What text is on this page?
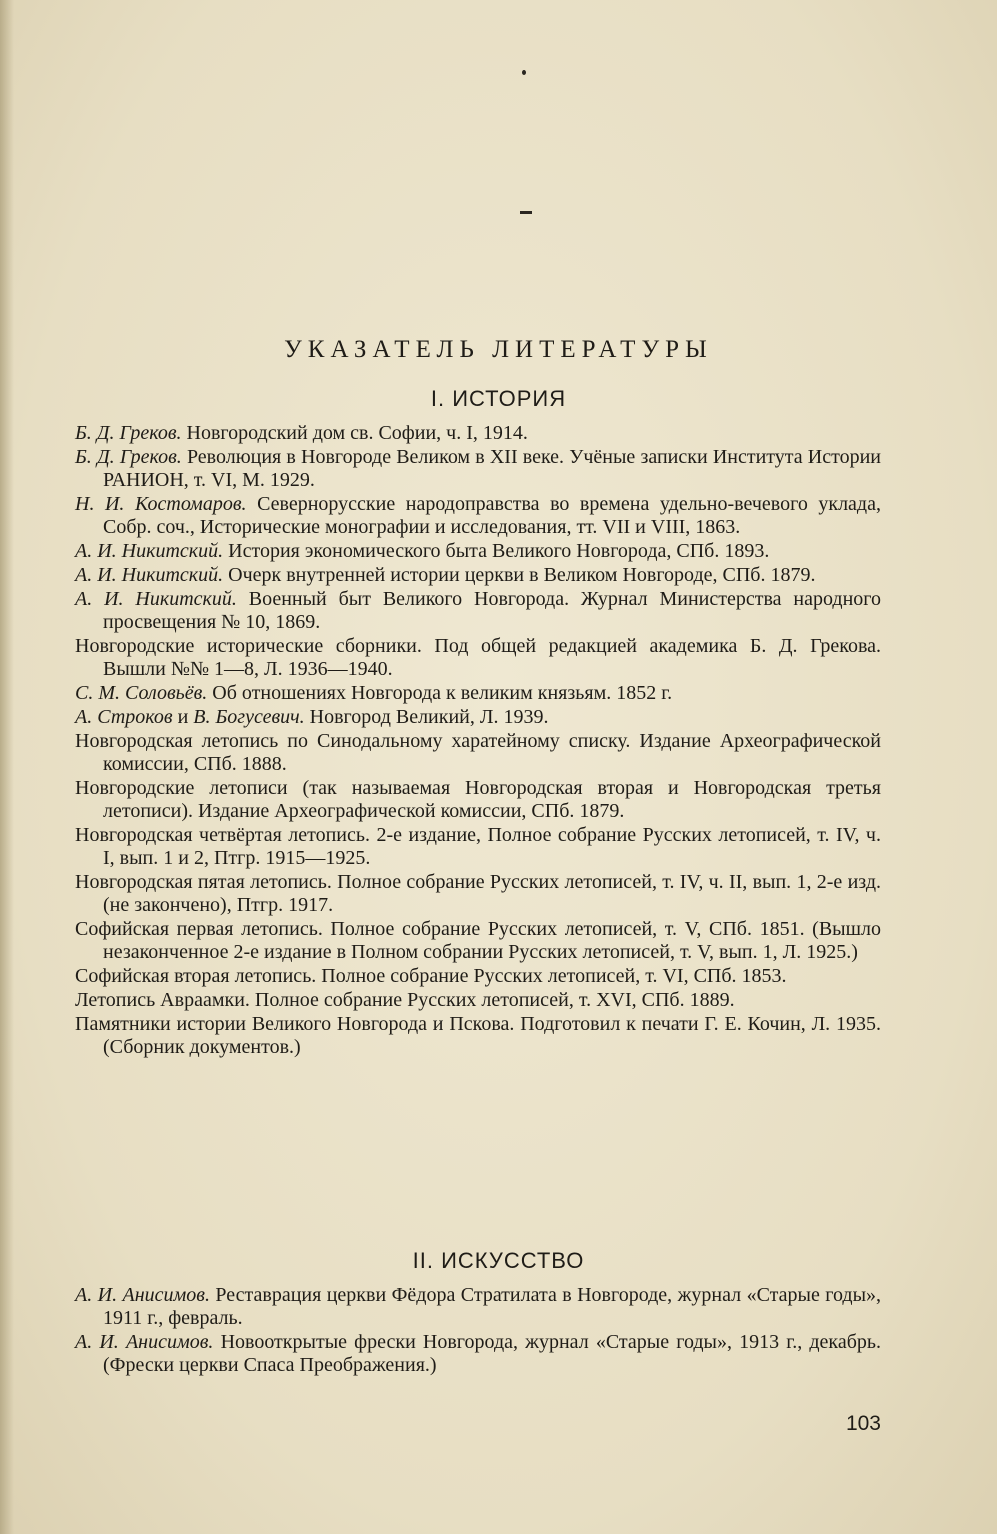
УКАЗАТЕЛЬ ЛИТЕРАТУРЫ
I. ИСТОРИЯ
Б. Д. Греков. Новгородский дом св. Софии, ч. I, 1914.
Б. Д. Греков. Революция в Новгороде Великом в XII веке. Учёные записки Института Истории РАНИОН, т. VI, М. 1929.
Н. И. Костомаров. Севернорусские народоправства во времена удельно-вечевого уклада, Собр. соч., Исторические монографии и исследования, тт. VII и VIII, 1863.
А. И. Никитский. История экономического быта Великого Новгорода, СПб. 1893.
А. И. Никитский. Очерк внутренней истории церкви в Великом Новгороде, СПб. 1879.
А. И. Никитский. Военный быт Великого Новгорода. Журнал Министерства народного просвещения № 10, 1869.
Новгородские исторические сборники. Под общей редакцией академика Б. Д. Грекова. Вышли №№ 1—8, Л. 1936—1940.
С. М. Соловьёв. Об отношениях Новгорода к великим князьям. 1852 г.
А. Строков и В. Богусевич. Новгород Великий, Л. 1939.
Новгородская летопись по Синодальному харатейному списку. Издание Археографической комиссии, СПб. 1888.
Новгородские летописи (так называемая Новгородская вторая и Новгородская третья летописи). Издание Археографической комиссии, СПб. 1879.
Новгородская четвёртая летопись. 2-е издание, Полное собрание Русских летописей, т. IV, ч. I, вып. 1 и 2, Птгр. 1915—1925.
Новгородская пятая летопись. Полное собрание Русских летописей, т. IV, ч. II, вып. 1, 2-е изд. (не закончено), Птгр. 1917.
Софийская первая летопись. Полное собрание Русских летописей, т. V, СПб. 1851. (Вышло незаконченное 2-е издание в Полном собрании Русских летописей, т. V, вып. 1, Л. 1925.)
Софийская вторая летопись. Полное собрание Русских летописей, т. VI, СПб. 1853.
Летопись Авраамки. Полное собрание Русских летописей, т. XVI, СПб. 1889.
Памятники истории Великого Новгорода и Пскова. Подготовил к печати Г. Е. Кочин, Л. 1935. (Сборник документов.)
II. ИСКУССТВО
А. И. Анисимов. Реставрация церкви Фёдора Стратилата в Новгороде, журнал «Старые годы», 1911 г., февраль.
А. И. Анисимов. Новооткрытые фрески Новгорода, журнал «Старые годы», 1913 г., декабрь. (Фрески церкви Спаса Преображения.)
103
